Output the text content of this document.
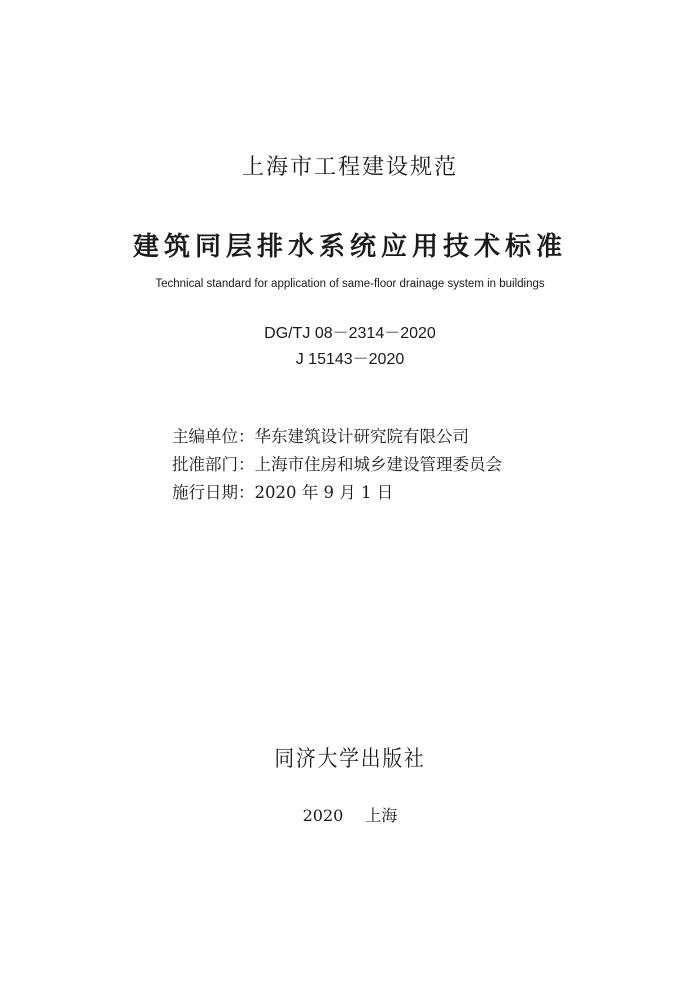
上海市工程建设规范
建筑同层排水系统应用技术标准
Technical standard for application of same-floor drainage system in buildings
DG/TJ 08－2314－2020
J 15143－2020
主编单位：华东建筑设计研究院有限公司
批准部门：上海市住房和城乡建设管理委员会
施行日期：2020 年 9 月 1 日
同济大学出版社
2020 上海
